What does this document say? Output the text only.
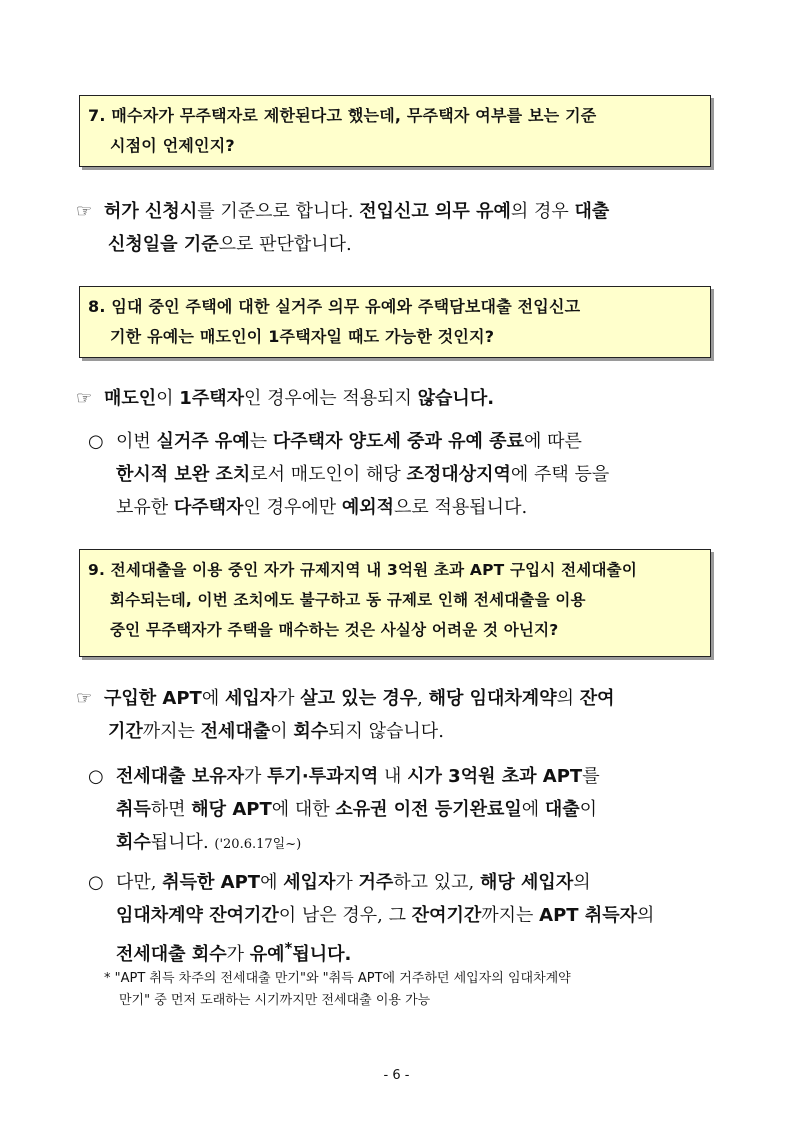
7. 매수자가 무주택자로 제한된다고 했는데, 무주택자 여부를 보는 기준
시점이 언제인지?
☞ 허가 신청시를 기준으로 합니다. 전입신고 의무 유예의 경우 대출
신청일을 기준으로 판단합니다.
8. 임대 중인 주택에 대한 실거주 의무 유예와 주택담보대출 전입신고
기한 유예는 매도인이 1주택자일 때도 가능한 것인지?
☞ 매도인이 1주택자인 경우에는 적용되지 않습니다.
○ 이번 실거주 유예는 다주택자 양도세 중과 유예 종료에 따른
한시적 보완 조치로서 매도인이 해당 조정대상지역에 주택 등을
보유한 다주택자인 경우에만 예외적으로 적용됩니다.
9. 전세대출을 이용 중인 자가 규제지역 내 3억원 초과 APT 구입시 전세대출이
회수되는데, 이번 조치에도 불구하고 동 규제로 인해 전세대출을 이용
중인 무주택자가 주택을 매수하는 것은 사실상 어려운 것 아닌지?
☞ 구입한 APT에 세입자가 살고 있는 경우, 해당 임대차계약의 잔여
기간까지는 전세대출이 회수되지 않습니다.
○ 전세대출 보유자가 투기·투과지역 내 시가 3억원 초과 APT를
취득하면 해당 APT에 대한 소유권 이전 등기완료일에 대출이
회수됩니다. ('20.6.17일~)
○ 다만, 취득한 APT에 세입자가 거주하고 있고, 해당 세입자의
임대차계약 잔여기간이 남은 경우, 그 잔여기간까지는 APT 취득자의
전세대출 회수가 유예*됩니다.
* "APT 취득 차주의 전세대출 만기"와 "취득 APT에 거주하던 세입자의 임대차계약
만기" 중 먼저 도래하는 시기까지만 전세대출 이용 가능
- 6 -
